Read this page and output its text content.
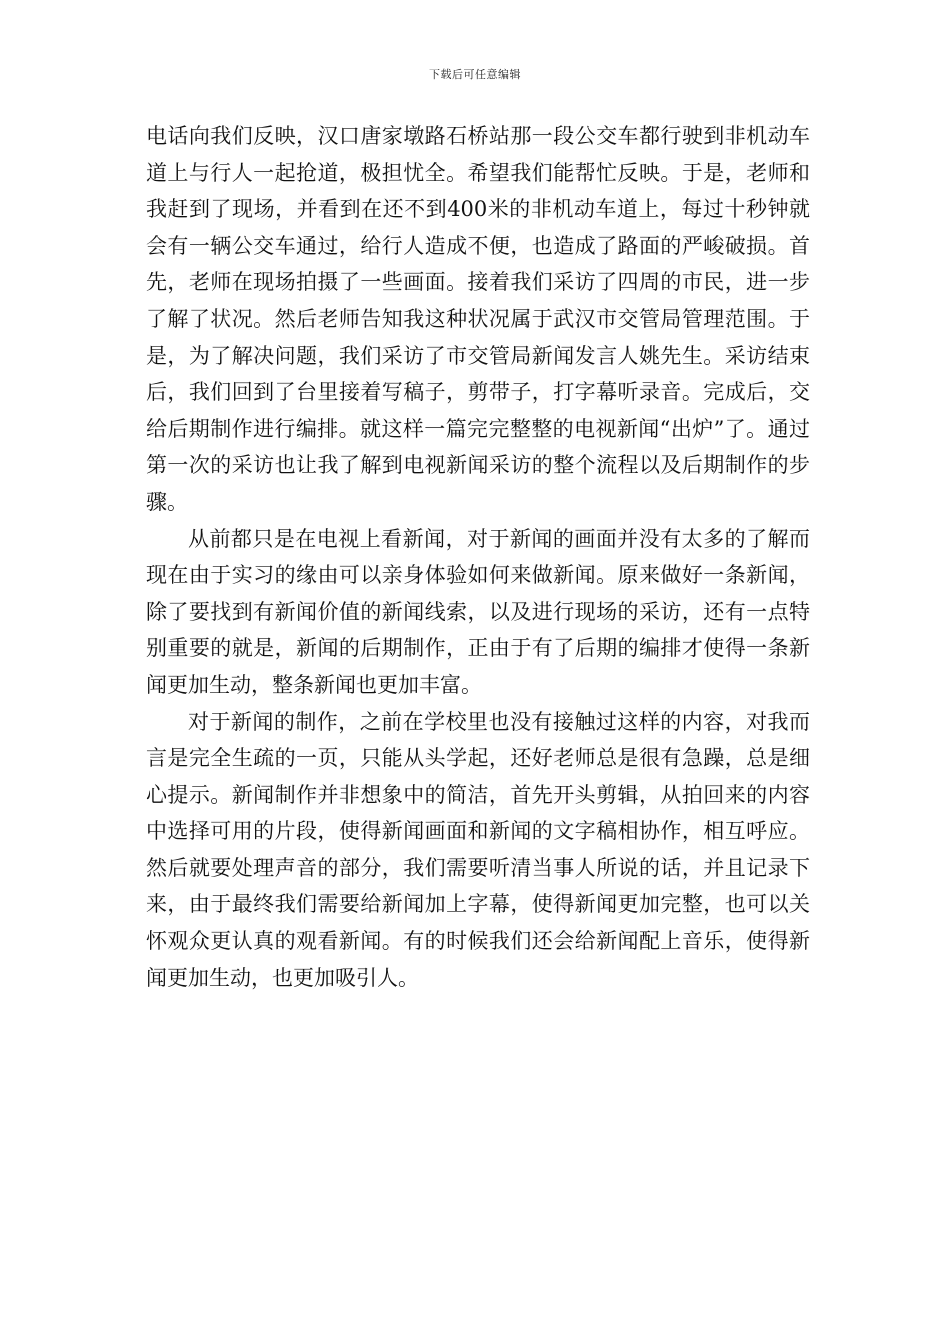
下载后可任意编辑

电话向我们反映，汉口唐家墩路石桥站那一段公交车都行驶到非机动车道上与行人一起抢道，极担忧全。希望我们能帮忙反映。于是，老师和我赶到了现场，并看到在还不到400米的非机动车道上，每过十秒钟就会有一辆公交车通过，给行人造成不便，也造成了路面的严峻破损。首先，老师在现场拍摄了一些画面。接着我们采访了四周的市民，进一步了解了状况。然后老师告知我这种状况属于武汉市交管局管理范围。于是，为了解决问题，我们采访了市交管局新闻发言人姚先生。采访结束后，我们回到了台里接着写稿子，剪带子，打字幕听录音。完成后，交给后期制作进行编排。就这样一篇完完整整的电视新闻“出炉”了。通过第一次的采访也让我了解到电视新闻采访的整个流程以及后期制作的步骤。

从前都只是在电视上看新闻，对于新闻的画面并没有太多的了解而现在由于实习的缘由可以亲身体验如何来做新闻。原来做好一条新闻，除了要找到有新闻价值的新闻线索，以及进行现场的采访，还有一点特别重要的就是，新闻的后期制作，正由于有了后期的编排才使得一条新闻更加生动，整条新闻也更加丰富。

对于新闻的制作，之前在学校里也没有接触过这样的内容，对我而言是完全生疏的一页，只能从头学起，还好老师总是很有急躁，总是细心提示。新闻制作并非想象中的简洁，首先开头剪辑，从拍回来的内容中选择可用的片段，使得新闻画面和新闻的文字稿相协作，相互呼应。然后就要处理声音的部分，我们需要听清当事人所说的话，并且记录下来，由于最终我们需要给新闻加上字幕，使得新闻更加完整，也可以关怀观众更认真的观看新闻。有的时候我们还会给新闻配上音乐，使得新闻更加生动，也更加吸引人。
